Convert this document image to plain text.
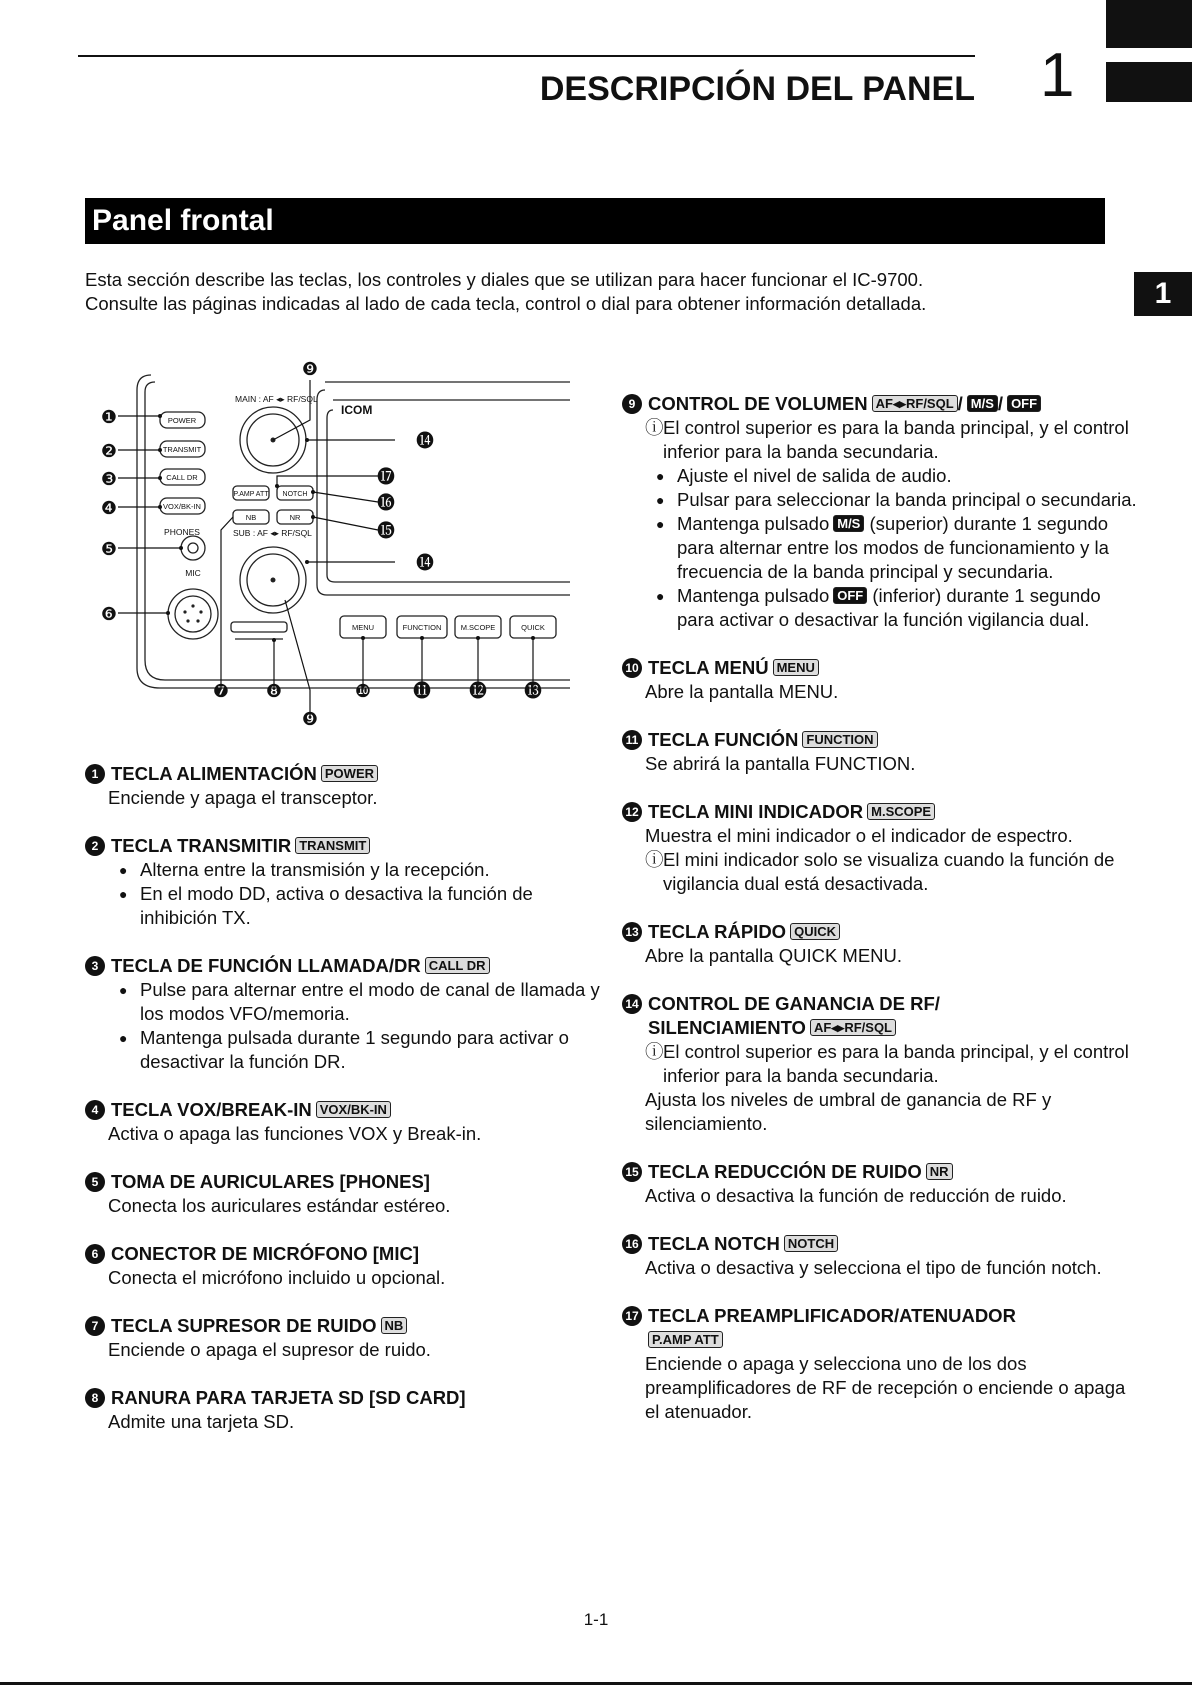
DESCRIPCIÓN DEL PANEL 1
1
Panel frontal
Esta sección describe las teclas, los controles y diales que se utilizan para hacer funcionar el IC-9700.
Consulte las páginas indicadas al lado de cada tecla, control o dial para obtener información detallada.
MAIN : AF ◂▸ RF/SQL
SUB : AF ◂▸ RF/SQL
PHONES
MIC
POWER
TRANSMIT
CALL DR
VOX/BK-IN
P.AMP ATT NOTCH
NB	NR
MENU	FUNCTION	M.SCOPE	QUICK
ICOM
❶
❷
❸
❹
❺
❻
❼ ❽
❾
❾
❿ ⓫ ⓬ ⓭
⓮
⓮
⓯
⓰
⓱
1 TECLA ALIMENTACIÓN POWER
Enciende y apaga el transceptor.
2 TECLA TRANSMITIR TRANSMIT
● Alterna entre la transmisión y la recepción.
● En el modo DD, activa o desactiva la función de inhibición TX.
3 TECLA DE FUNCIÓN LLAMADA/DR CALL DR
● Pulse para alternar entre el modo de canal de llamada y los modos VFO/memoria.
● Mantenga pulsada durante 1 segundo para activar o desactivar la función DR.
4 TECLA VOX/BREAK-IN VOX/BK-IN
Activa o apaga las funciones VOX y Break-in.
5 TOMA DE AURICULARES [PHONES]
Conecta los auriculares estándar estéreo.
6 CONECTOR DE MICRÓFONO [MIC]
Conecta el micrófono incluido u opcional.
7 TECLA SUPRESOR DE RUIDO NB
Enciende o apaga el supresor de ruido.
8 RANURA PARA TARJETA SD [SD CARD]
Admite una tarjeta SD.
9 CONTROL DE VOLUMEN AF◂▸RF/SQL / M/S / OFF
ⓘ El control superior es para la banda principal, y el control inferior para la banda secundaria.
● Ajuste el nivel de salida de audio.
● Pulsar para seleccionar la banda principal o secundaria.
● Mantenga pulsado M/S (superior) durante 1 segundo para alternar entre los modos de funcionamiento y la frecuencia de la banda principal y secundaria.
● Mantenga pulsado OFF (inferior) durante 1 segundo para activar o desactivar la función vigilancia dual.
10 TECLA MENÚ MENU
Abre la pantalla MENU.
11 TECLA FUNCIÓN FUNCTION
Se abrirá la pantalla FUNCTION.
12 TECLA MINI INDICADOR M.SCOPE
Muestra el mini indicador o el indicador de espectro.
ⓘ El mini indicador solo se visualiza cuando la función de vigilancia dual está desactivada.
13 TECLA RÁPIDO QUICK
Abre la pantalla QUICK MENU.
14 CONTROL DE GANANCIA DE RF/
SILENCIAMIENTO AF◂▸RF/SQL
ⓘ El control superior es para la banda principal, y el control inferior para la banda secundaria.
Ajusta los niveles de umbral de ganancia de RF y silenciamiento.
15 TECLA REDUCCIÓN DE RUIDO NR
Activa o desactiva la función de reducción de ruido.
16 TECLA NOTCH NOTCH
Activa o desactiva y selecciona el tipo de función notch.
17 TECLA PREAMPLIFICADOR/ATENUADOR
P.AMP ATT
Enciende o apaga y selecciona uno de los dos preamplificadores de RF de recepción o enciende o apaga el atenuador.
1-1
